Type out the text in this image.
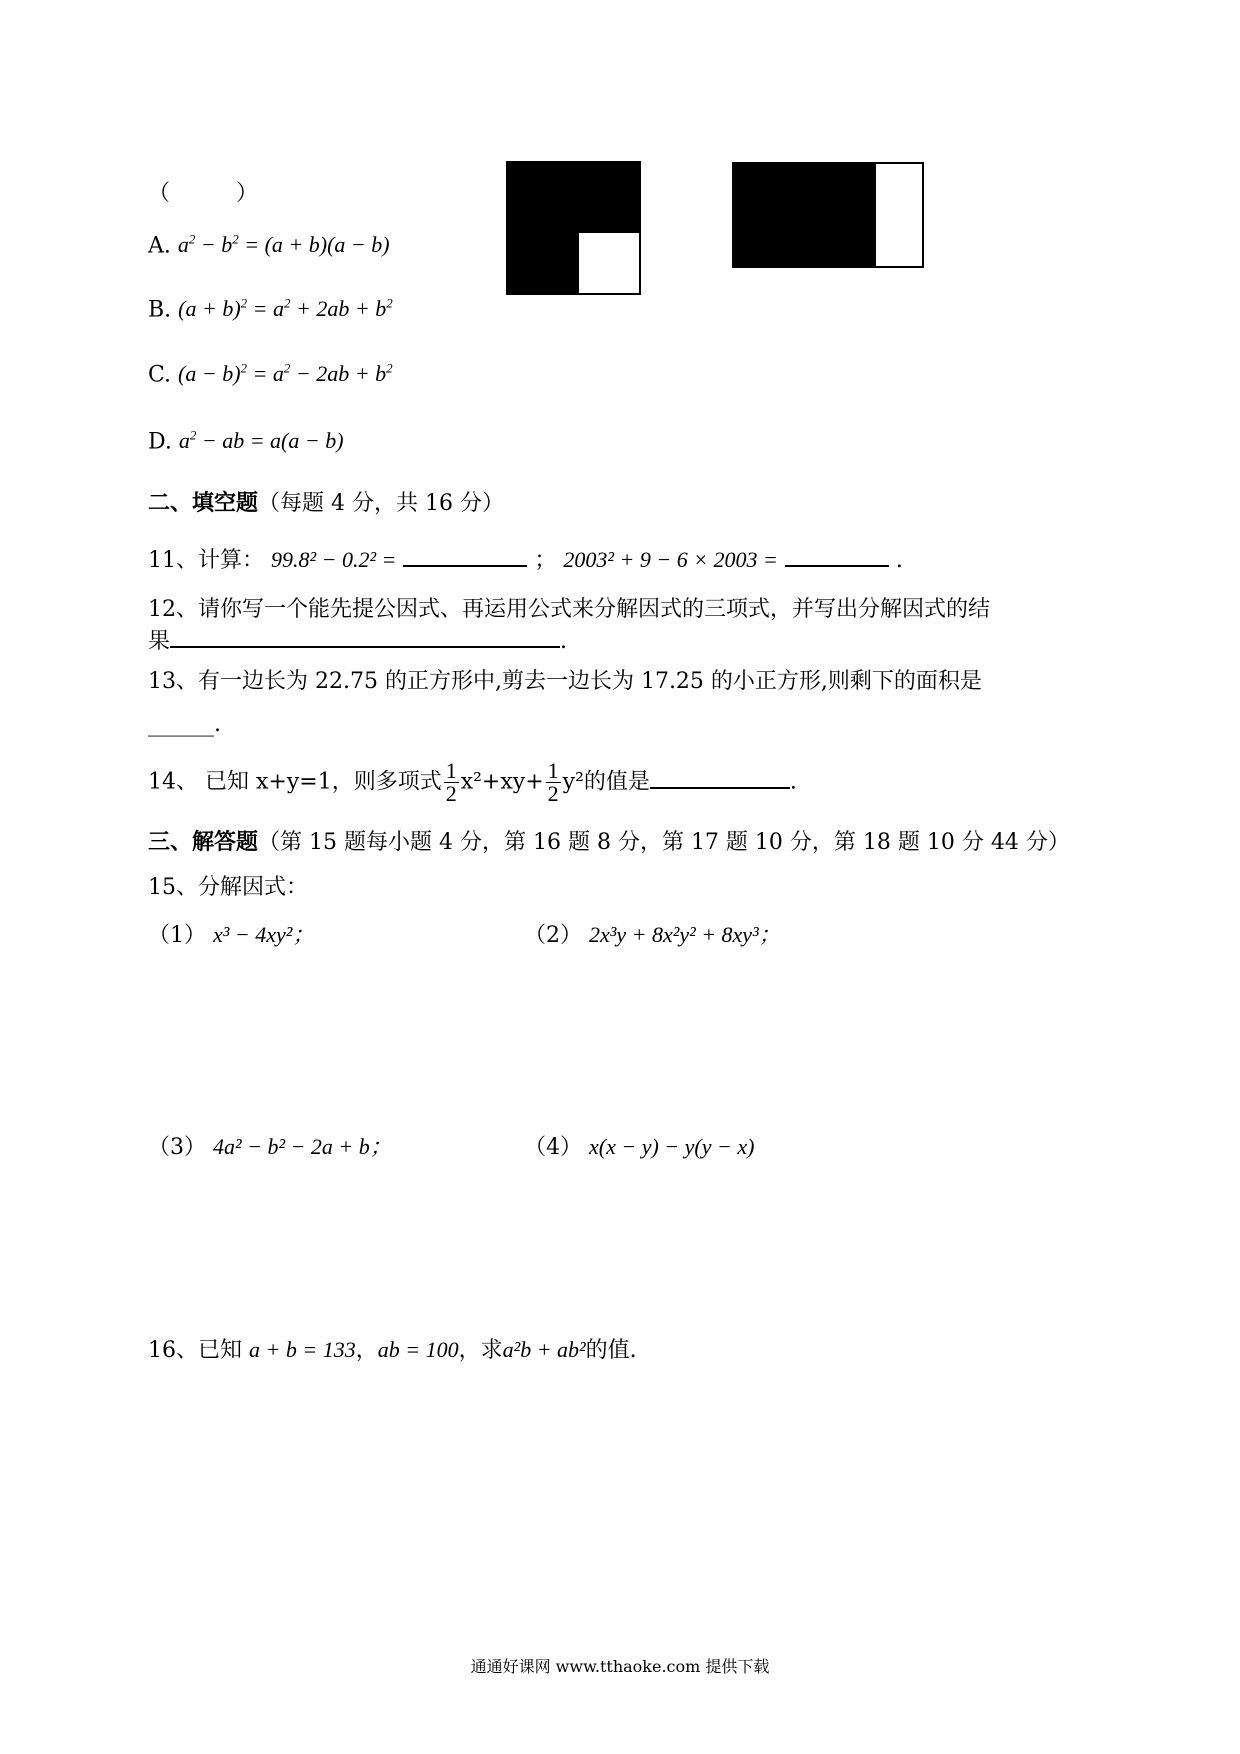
（　　　）
A. $a^2 - b^2 = (a + b)(a - b)$
B. $(a + b)^2 = a^2 + 2ab + b^2$
C. $(a - b)^2 = a^2 - 2ab + b^2$
D. $a^2$ − ab = a(a − b)
二、填空题（每题 4 分，共 16 分）
11、计算： 99.8² − 0.2² =	； 2003² + 9 − 6 × 2003 =	.
12、请你写一个能先提公因式、再运用公式来分解因式的三项式，并写出分解因式的结
果	.
13、有一边长为 22.75 的正方形中,剪去一边长为 17.25 的小正方形,则剩下的面积是
______.
14、 已知 x+y=1，则多项式 $\frac{1}{2} x^2+xy+ \frac{1}{2} y^2$的值是	.
三、解答题（第 15 题每小题 4 分，第 16 题 8 分，第 17 题 10 分，第 18 题 10 分 44 分）
15、分解因式：
（1） x³ − 4xy²；	（2） 2x³y + 8x²y² + 8xy³；
（3） 4a² − b² − 2a + b；	（4） x(x − y) − y(y − x)
16、已知 a + b = 133，ab = 100，求a²b + ab²的值.
通通好课网 www.tthaoke.com 提供下载
